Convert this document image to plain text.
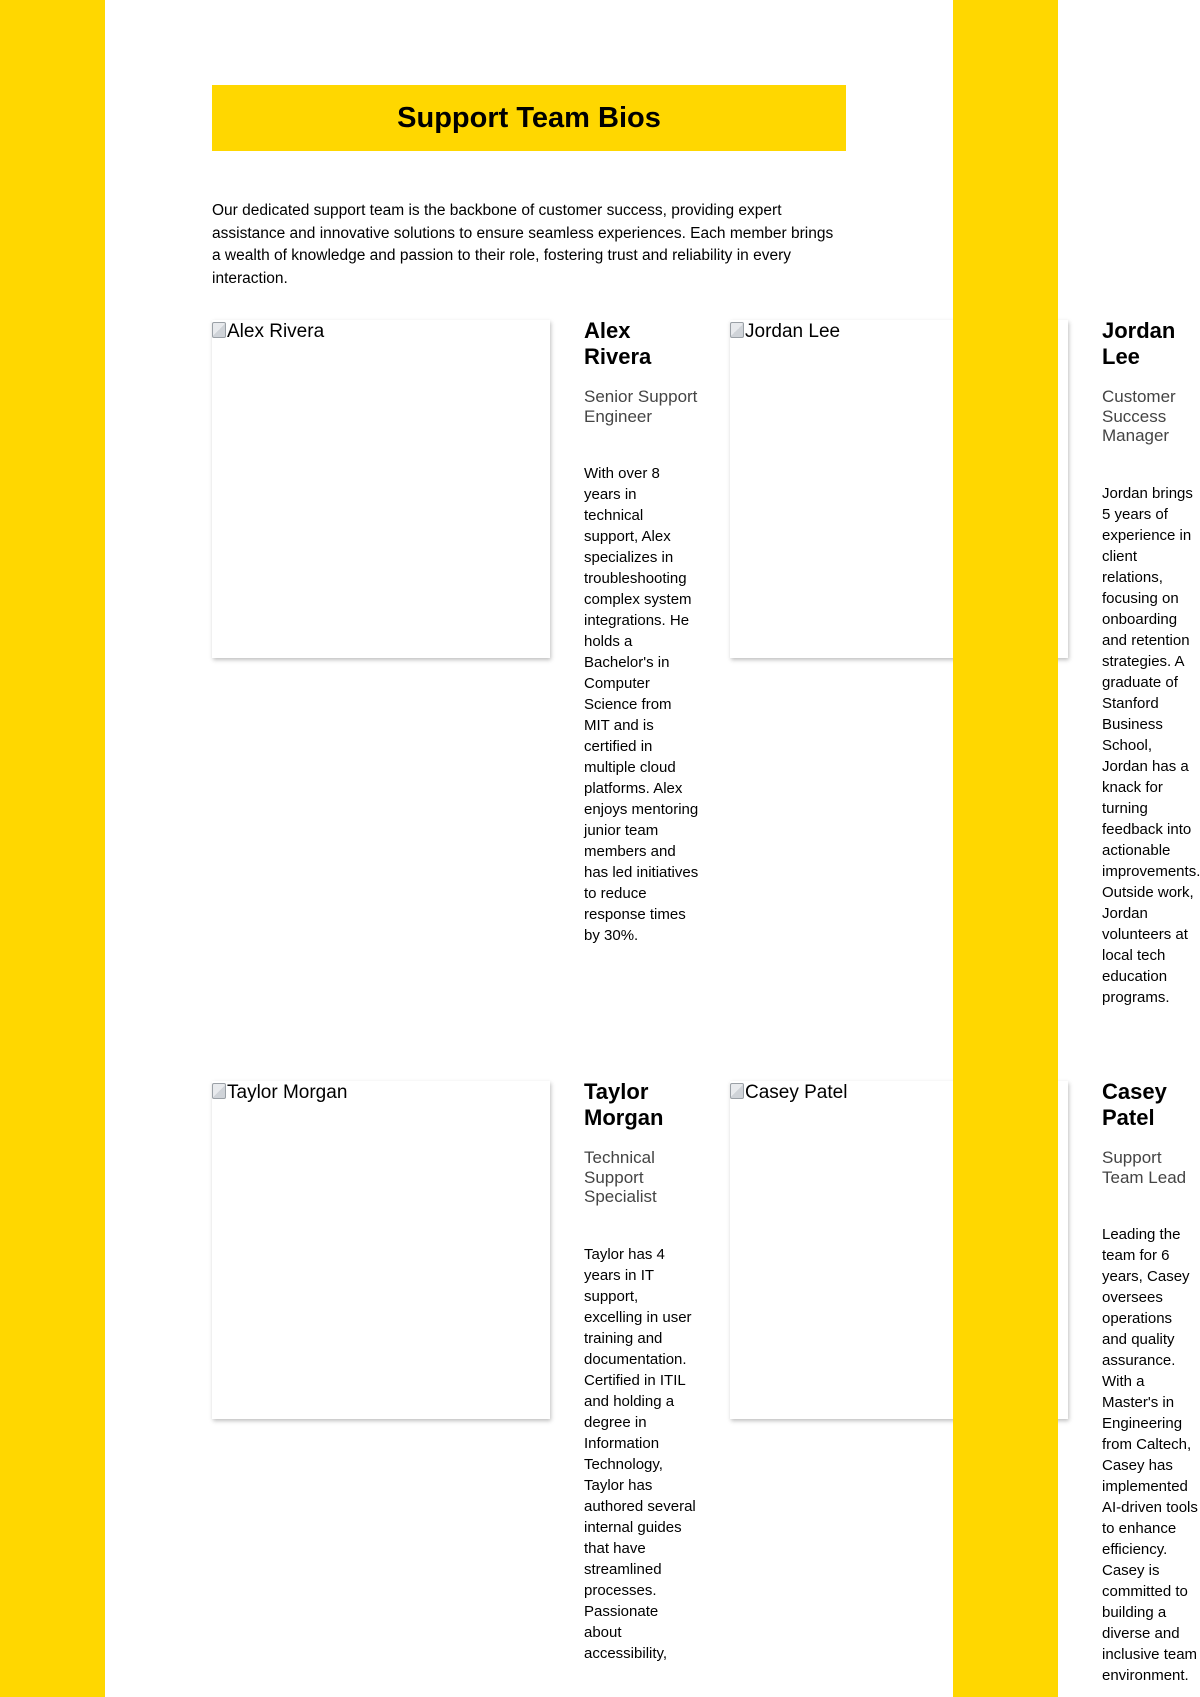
Support Team Bios

Our dedicated support team is the backbone of customer success, providing expert assistance and innovative solutions to ensure seamless experiences. Each member brings a wealth of knowledge and passion to their role, fostering trust and reliability in every interaction.

Alex Rivera	Alex Rivera

Senior Support Engineer

With over 8 years in technical support, Alex specializes in troubleshooting complex system integrations. He holds a Bachelor's in Computer Science from MIT and is certified in multiple cloud platforms. Alex enjoys mentoring junior team members and has led initiatives to reduce response times by 30%.

Jordan Lee	Jordan Lee

Customer Success Manager

Jordan brings 5 years of experience in client relations, focusing on onboarding and retention strategies. A graduate of Stanford Business School, Jordan has a knack for turning feedback into actionable improvements. Outside work, Jordan volunteers at local tech education programs.

Taylor Morgan	Taylor Morgan

Technical Support Specialist

Taylor has 4 years in IT support, excelling in user training and documentation. Certified in ITIL and holding a degree in Information Technology, Taylor has authored several internal guides that have streamlined processes. Passionate about accessibility,

Casey Patel	Casey Patel

Support Team Lead

Leading the team for 6 years, Casey oversees operations and quality assurance. With a Master's in Engineering from Caltech, Casey has implemented AI-driven tools to enhance efficiency. Casey is committed to building a diverse and inclusive team environment.
